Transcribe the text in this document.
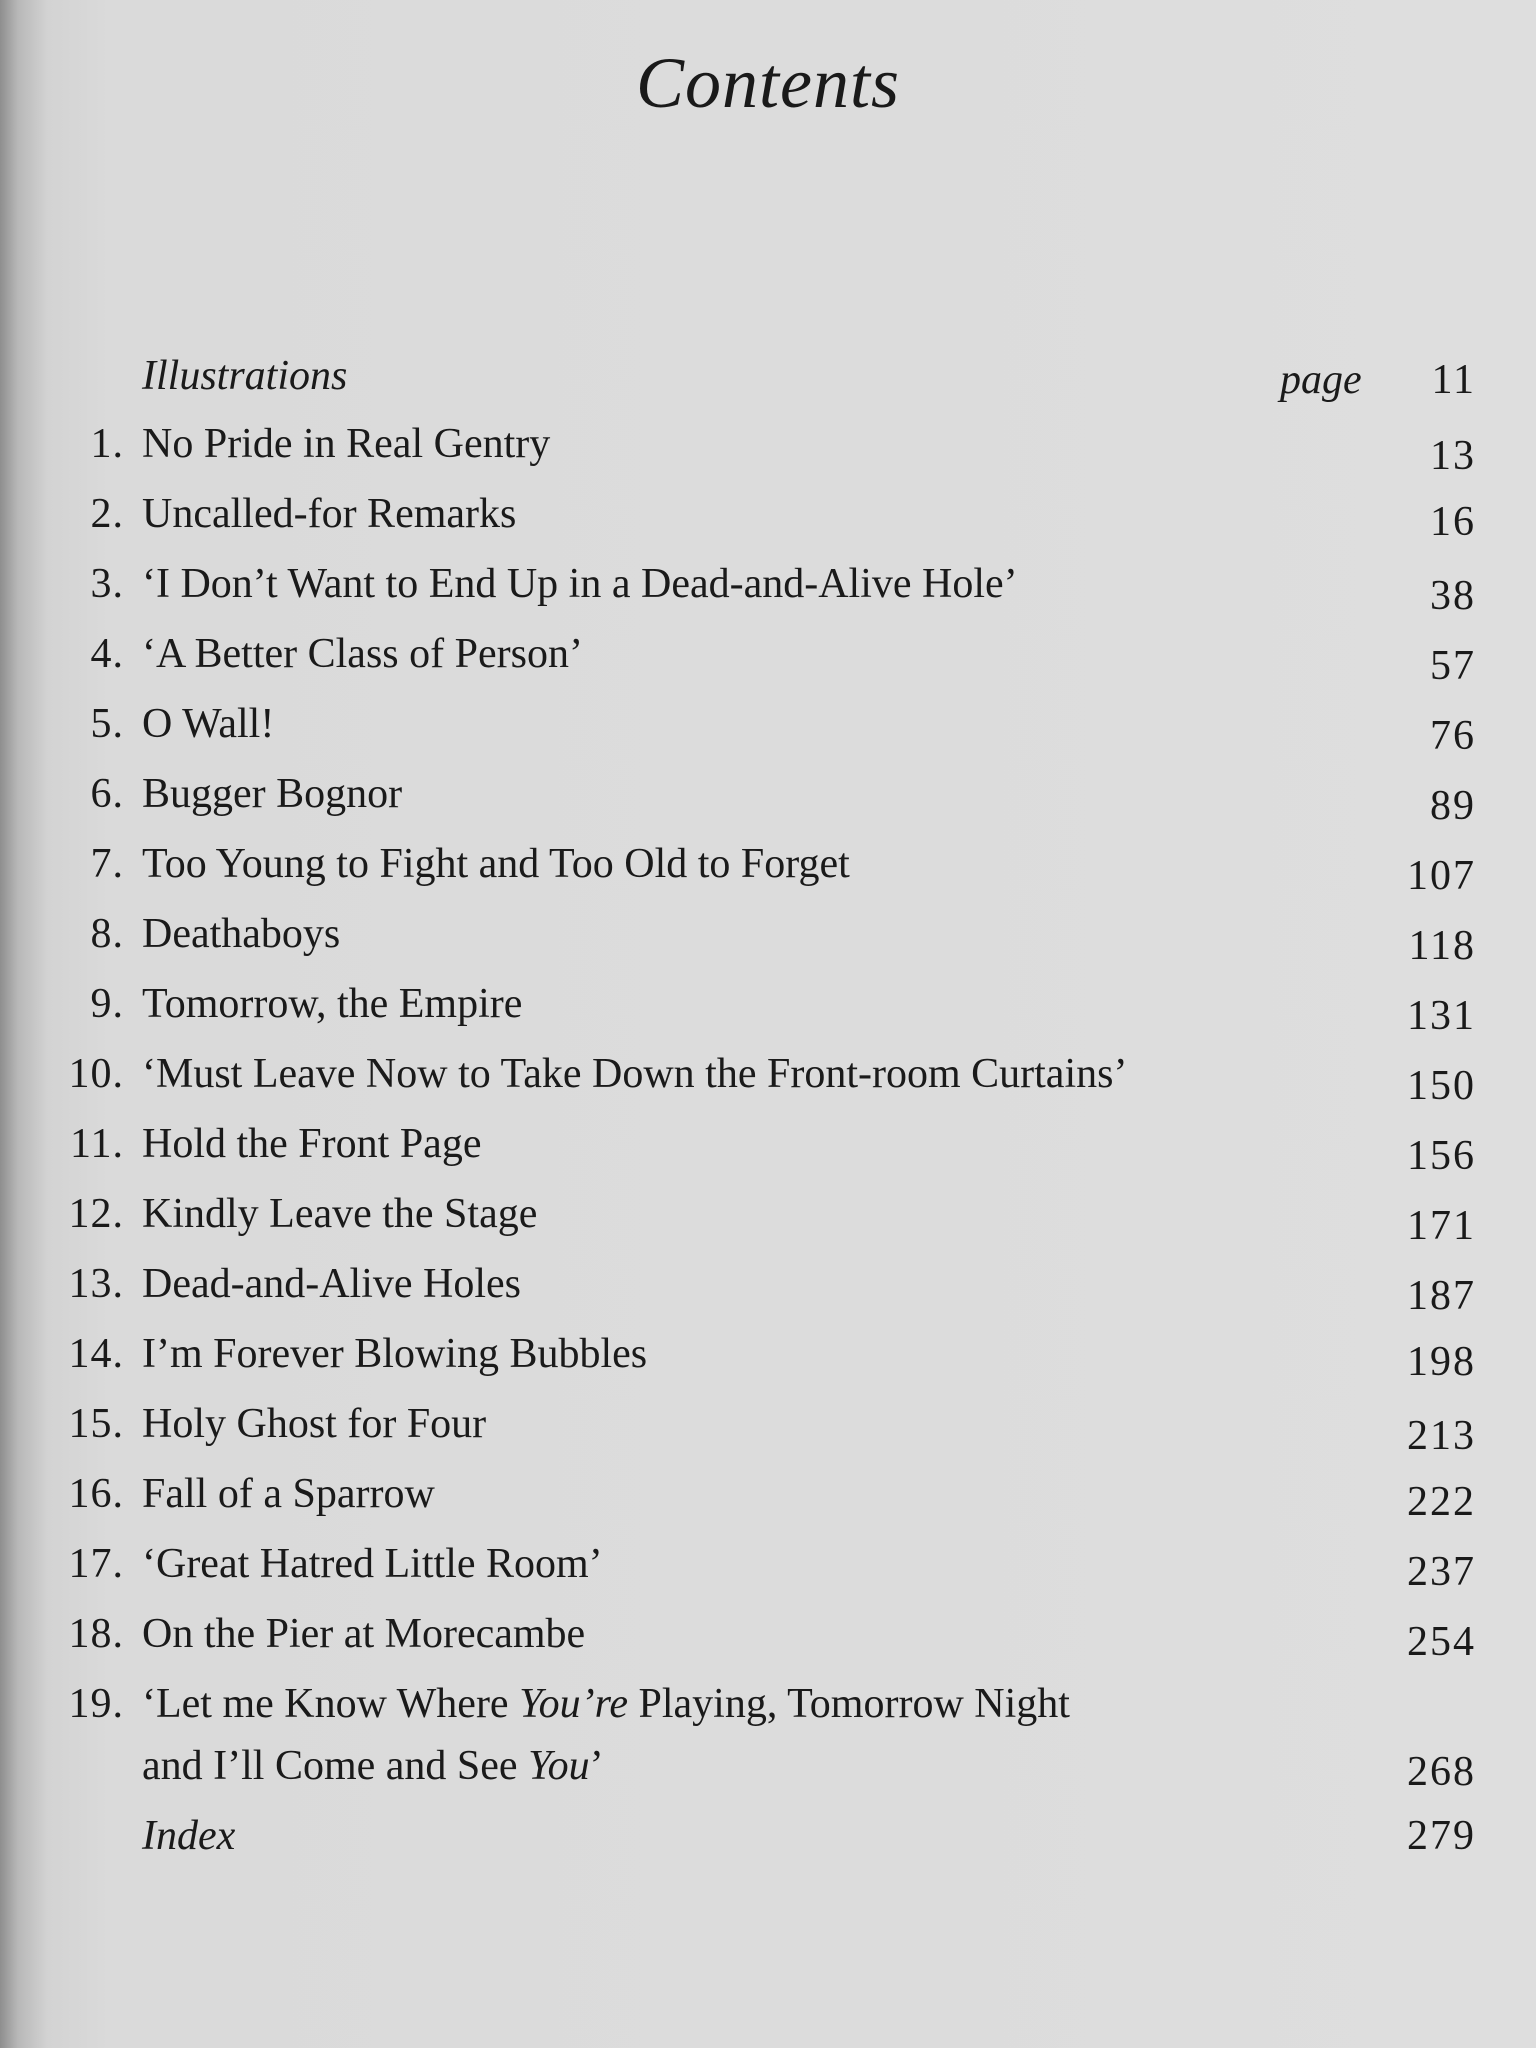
Contents
Illustrations	page	11
1. No Pride in Real Gentry	13
2. Uncalled-for Remarks	16
3. ‘I Don’t Want to End Up in a Dead-and-Alive Hole’	38
4. ‘A Better Class of Person’	57
5. O Wall!	76
6. Bugger Bognor	89
7. Too Young to Fight and Too Old to Forget	107
8. Deathaboys	118
9. Tomorrow, the Empire	131
10. ‘Must Leave Now to Take Down the Front-room Curtains’	150
11. Hold the Front Page	156
12. Kindly Leave the Stage	171
13. Dead-and-Alive Holes	187
14. I’m Forever Blowing Bubbles	198
15. Holy Ghost for Four	213
16. Fall of a Sparrow	222
17. ‘Great Hatred Little Room’	237
18. On the Pier at Morecambe	254
19. ‘Let me Know Where You’re Playing, Tomorrow Night
and I’ll Come and See You’	268
Index	279
